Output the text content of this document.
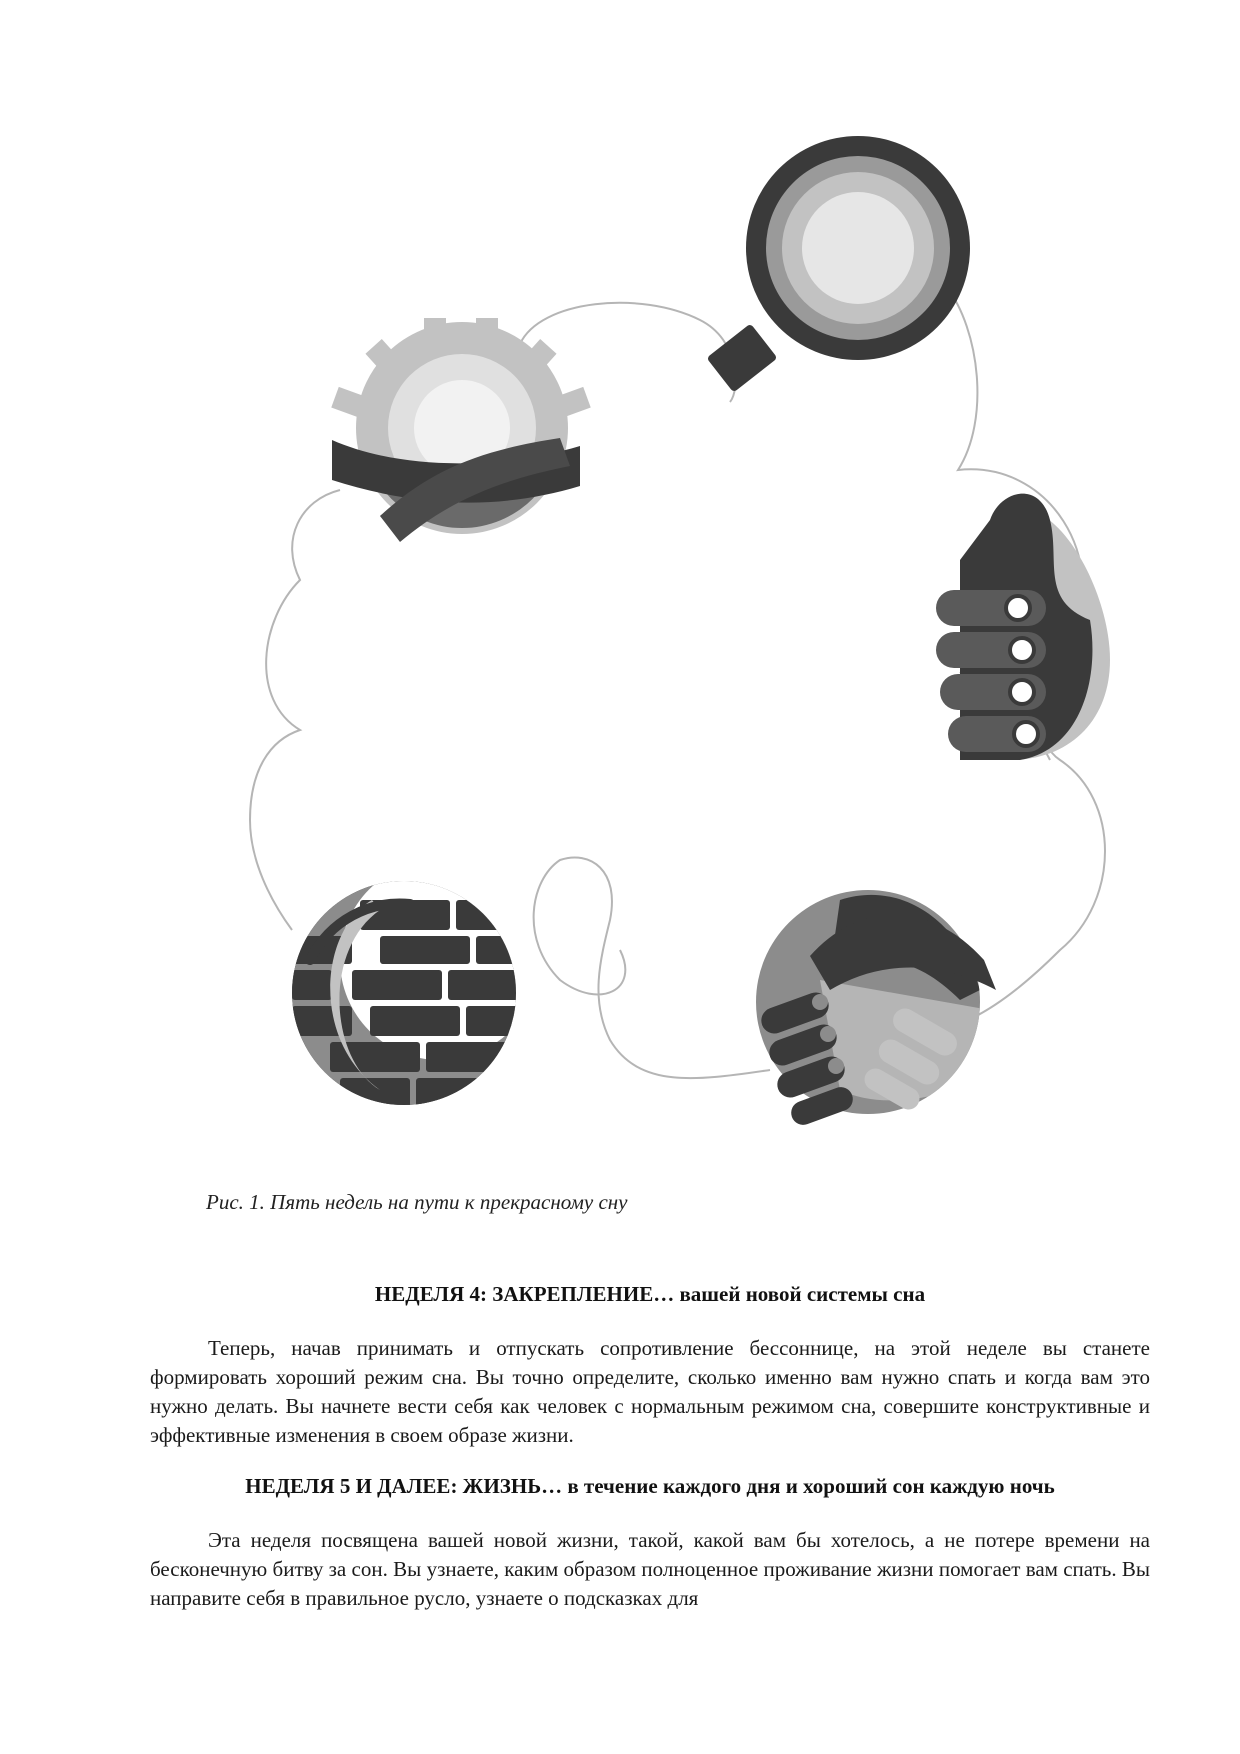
Рис. 1. Пять недель на пути к прекрасному сну
НЕДЕЛЯ 4: ЗАКРЕПЛЕНИЕ… вашей новой системы сна
Теперь, начав принимать и отпускать сопротивление бессоннице, на этой неделе вы станете формировать хороший режим сна. Вы точно определите, сколько именно вам нужно спать и когда вам это нужно делать. Вы начнете вести себя как человек с нормальным режимом сна, совершите конструктивные и эффективные изменения в своем образе жизни.
НЕДЕЛЯ 5 И ДАЛЕЕ: ЖИЗНЬ… в течение каждого дня и хороший сон каждую ночь
Эта неделя посвящена вашей новой жизни, такой, какой вам бы хотелось, а не потере времени на бесконечную битву за сон. Вы узнаете, каким образом полноценное проживание жизни помогает вам спать. Вы направите себя в правильное русло, узнаете о подсказках для
